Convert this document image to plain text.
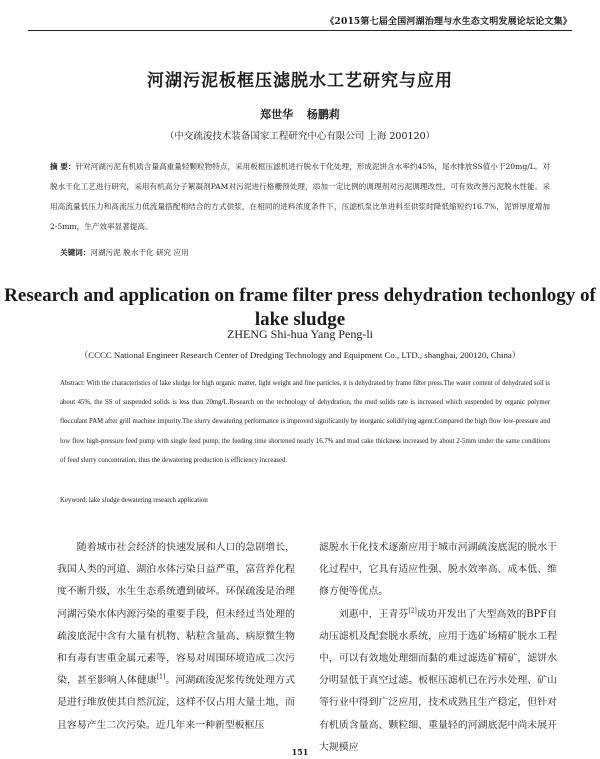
《2015第七届全国河湖治理与水生态文明发展论坛论文集》
河湖污泥板框压滤脱水工艺研究与应用
郑世华 杨鹏莉
（中交疏浚技术装备国家工程研究中心有限公司 上海 200120）

摘 要：针对河湖污泥有机质含量高重量轻颗粒物特点，采用板框压滤机进行脱水干化处理，形成泥饼含水率约45%，尾水排放SS值小于20mg/L。对脱水干化工艺进行研究，采用有机高分子絮凝剂PAM对污泥进行格栅预处理，添加一定比例的调理剂对污泥调理改性，可有效改善污泥脱水性能。采用高流量低压力和高流压力低流量搭配相结合的方式供浆，在相同的进料浓度条件下，压滤机泵比单进料至供浆时降低缩短约16.7%，泥饼厚度增加2-5mm，生产效率显著提高。

关键词：河湖污泥 脱水干化 研究 应用
Research and application on frame filter press dehydration techonlogy of lake sludge
ZHENG Shi-hua Yang Peng-li
（CCCC National Engineer Research Center of Dredging Technology and Equipment Co., LTD., shanghai, 200120, China）

Abstract: With the characteristics of lake sludge for high organic matter, light weight and fine particles, it is dehydrated by frame filter press.The water content of dehydrated soil is about 45%, the SS of suspended solids is less than 20mg/L.Research on the technology of dehydration, the mud solids rate is increased which suspended by organic polymer flocculant PAM after grill machine impurity.The slurry dewatering performance is improved significantly by inorganic solidifying agent.Compared the high flow low-pressure and low flow high-pressure feed pump with single feed pump, the feeding time shortened nearly 16.7% and mud cake thickness increased by about 2-5mm under the same conditions of feed slurry concentration, thus the dewatering production is efficiency increased.

Keyword: lake sludge dewatering research application
随着城市社会经济的快速发展和人口的急剧增长，我国人类的河道、湖泊水体污染日益严重，富营养化程度不断升级，水生生态系统遭到破坏。环保疏浚是治理河湖污染水体内源污染的重要手段，但未经过当处理的疏浚底泥中含有大量有机物、粘粒含量高、病原微生物和有毒有害重金属元素等，容易对周围环境造成二次污染，甚至影响人体健康[1]。河湖疏浚泥浆传统处理方式是进行堆放使其自然沉淀，这样不仅占用大量土地，而且容易产生二次污染。近几年来一种新型板框压

滤脱水干化技术逐渐应用于城市河湖疏浚底泥的脱水干化过程中，它具有适应性强、脱水效率高、成本低、维修方便等优点。

刘惠中，王青芬[2]成功开发出了大型高效的BPF自动压滤机及配套脱水系统，应用于选矿场精矿脱水工程中，可以有效地处理细而黏的难过滤选矿精矿，滤饼水分明显低于真空过滤。板框压滤机已在污水处理、矿山等行业中得到广泛应用，技术成熟且生产稳定，但针对有机质含量高、颗粒细、重量轻的河湖底泥中尚未展开大规模应

151
